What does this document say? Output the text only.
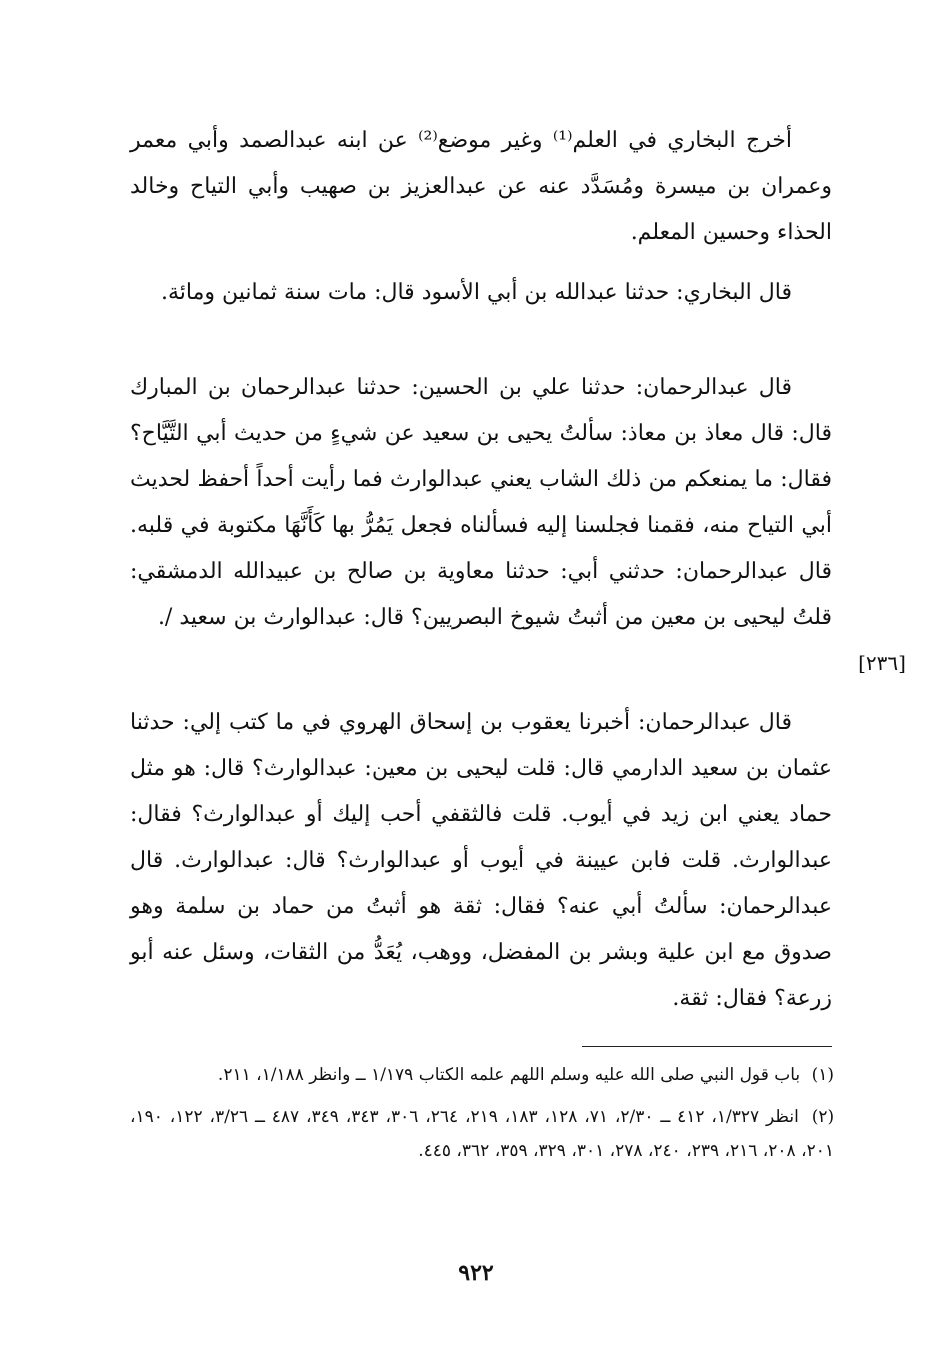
أخرج البخاري في العلم⁽¹⁾ وغير موضع⁽²⁾ عن ابنه عبدالصمد وأبي معمر وعمران بن ميسرة ومُسَدَّد عنه عن عبدالعزيز بن صهيب وأبي التياح وخالد الحذاء وحسين المعلم.

قال البخاري: حدثنا عبدالله بن أبي الأسود قال: مات سنة ثمانين ومائة.

قال عبدالرحمان: حدثنا علي بن الحسين: حدثنا عبدالرحمان بن المبارك قال: قال معاذ بن معاذ: سألتُ يحيى بن سعيد عن شيءٍ من حديث أبي التَّيَّاح؟ فقال: ما يمنعكم من ذلك الشاب يعني عبدالوارث فما رأيت أحداً أحفظ لحديث أبي التياح منه، فقمنا فجلسنا إليه فسألناه فجعل يَمُرُّ بها كَأَنَّهَا مكتوبة في قلبه. قال عبدالرحمان: حدثني أبي: حدثنا معاوية بن صالح بن عبيدالله الدمشقي: قلتُ ليحيى بن معين من أثبتُ شيوخ البصريين؟ قال: عبدالوارث بن سعيد /.

[٢٣٦]

قال عبدالرحمان: أخبرنا يعقوب بن إسحاق الهروي في ما كتب إلي: حدثنا عثمان بن سعيد الدارمي قال: قلت ليحيى بن معين: عبدالوارث؟ قال: هو مثل حماد يعني ابن زيد في أيوب. قلت فالثقفي أحب إليك أو عبدالوارث؟ فقال: عبدالوارث. قلت فابن عيينة في أيوب أو عبدالوارث؟ قال: عبدالوارث. قال عبدالرحمان: سألتُ أبي عنه؟ فقال: ثقة هو أثبتُ من حماد بن سلمة وهو صدوق مع ابن علية وبشر بن المفضل، ووهب، يُعَدُّ من الثقات، وسئل عنه أبو زرعة؟ فقال: ثقة.

(١) باب قول النبي صلى الله عليه وسلم اللهم علمه الكتاب ١/١٧٩ ــ وانظر ١/١٨٨، ٢١١.

(٢) انظر ١/٣٢٧، ٤١٢ ــ ٢/٣٠، ٧١، ١٢٨، ١٨٣، ٢١٩، ٢٦٤، ٣٠٦، ٣٤٣، ٣٤٩، ٤٨٧ ــ ٣/٢٦، ١٢٢، ١٩٠، ٢٠١، ٢٠٨، ٢١٦، ٢٣٩، ٢٤٠، ٢٧٨، ٣٠١، ٣٢٩، ٣٥٩، ٣٦٢، ٤٤٥.

٩٢٢
